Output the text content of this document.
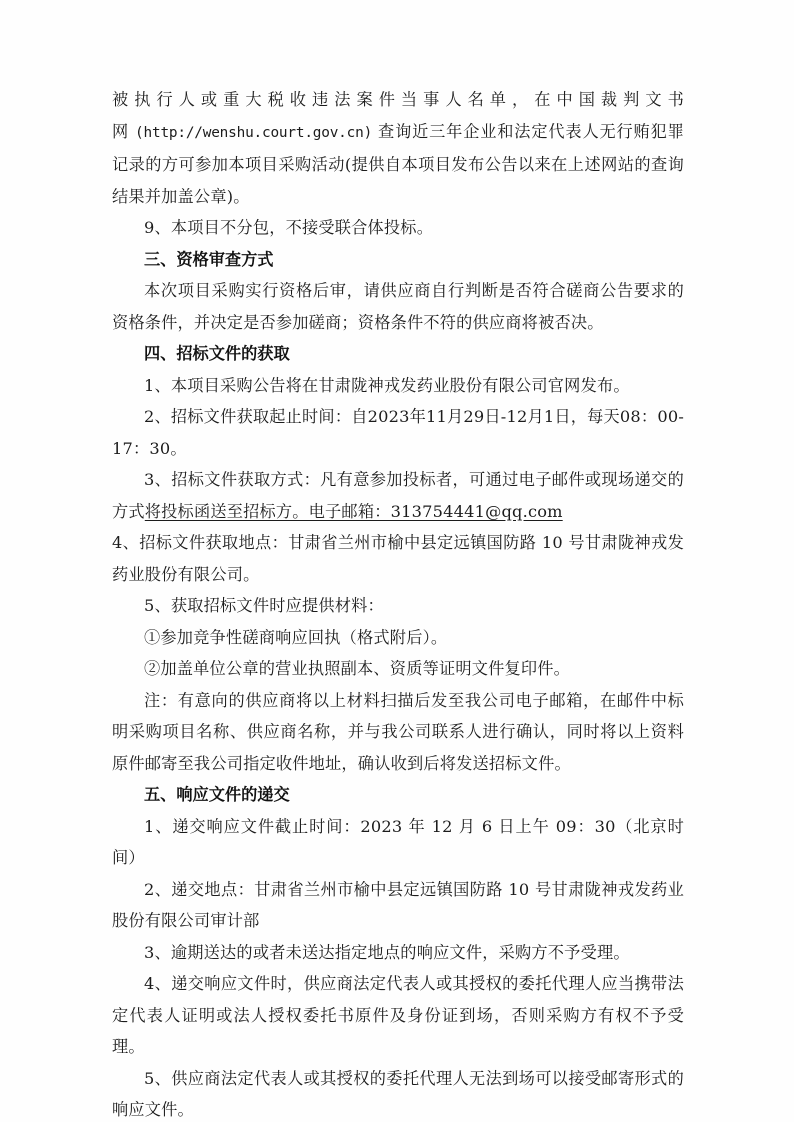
被 执 行 人 或 重 大 税 收 违 法 案 件 当 事 人 名 单 ， 在 中 国 裁 判 文 书 网 (http://wenshu.court.gov.cn) 查询近三年企业和法定代表人无行贿犯罪记录的方可参加本项目采购活动(提供自本项目发布公告以来在上述网站的查询结果并加盖公章)。

9、本项目不分包，不接受联合体投标。

三、资格审查方式

本次项目采购实行资格后审，请供应商自行判断是否符合磋商公告要求的资格条件，并决定是否参加磋商；资格条件不符的供应商将被否决。

四、招标文件的获取

1、本项目采购公告将在甘肃陇神戎发药业股份有限公司官网发布。

2、招标文件获取起止时间：自2023年11月29日-12月1日，每天08：00-17：30。

3、招标文件获取方式：凡有意参加投标者，可通过电子邮件或现场递交的方式将投标函送至招标方。电子邮箱：313754441@qq.com

4、招标文件获取地点：甘肃省兰州市榆中县定远镇国防路 10 号甘肃陇神戎发药业股份有限公司。

5、获取招标文件时应提供材料：

①参加竞争性磋商响应回执（格式附后）。

②加盖单位公章的营业执照副本、资质等证明文件复印件。

注：有意向的供应商将以上材料扫描后发至我公司电子邮箱，在邮件中标明采购项目名称、供应商名称，并与我公司联系人进行确认，同时将以上资料原件邮寄至我公司指定收件地址，确认收到后将发送招标文件。

五、响应文件的递交

1、递交响应文件截止时间：2023 年 12 月 6 日上午 09：30（北京时间）

2、递交地点：甘肃省兰州市榆中县定远镇国防路 10 号甘肃陇神戎发药业股份有限公司审计部

3、逾期送达的或者未送达指定地点的响应文件，采购方不予受理。

4、递交响应文件时，供应商法定代表人或其授权的委托代理人应当携带法定代表人证明或法人授权委托书原件及身份证到场，否则采购方有权不予受理。

5、供应商法定代表人或其授权的委托代理人无法到场可以接受邮寄形式的响应文件。
